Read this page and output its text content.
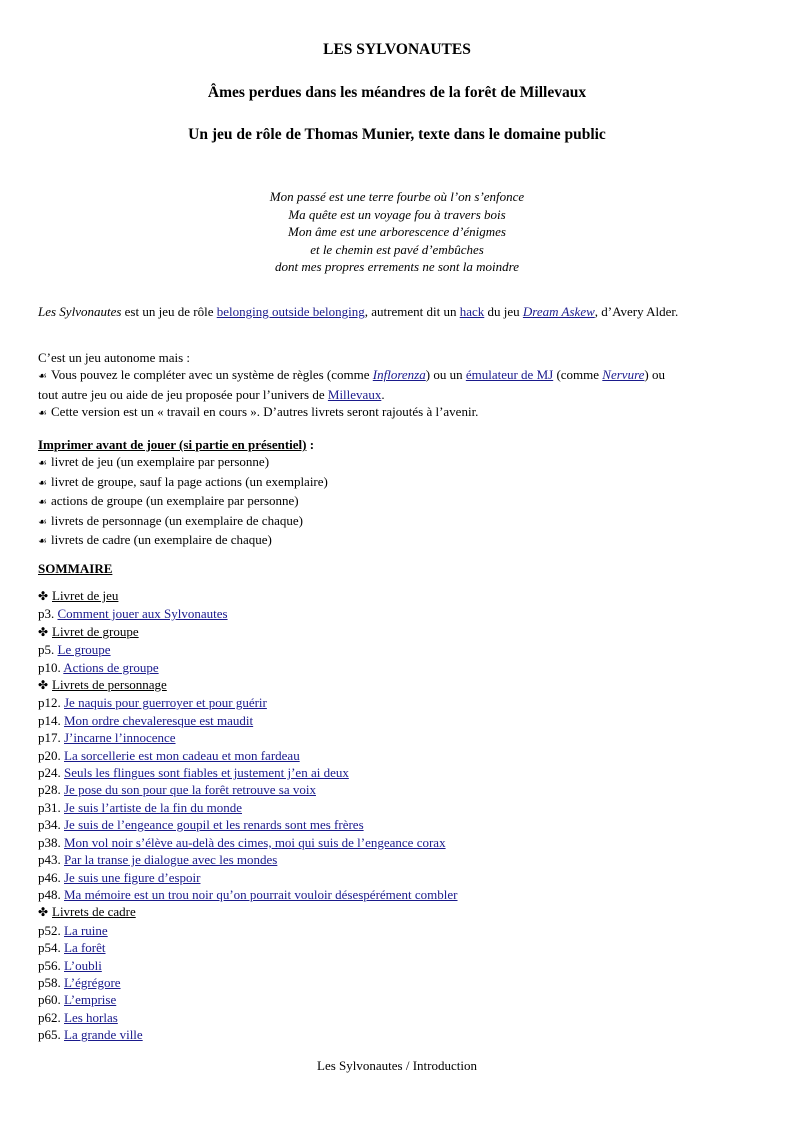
LES SYLVONAUTES
Âmes perdues dans les méandres de la forêt de Millevaux
Un jeu de rôle de Thomas Munier, texte dans le domaine public
Mon passé est une terre fourbe où l’on s’enfonce
Ma quête est un voyage fou à travers bois
Mon âme est une arborescence d’énigmes
et le chemin est pavé d’embûches
dont mes propres errements ne sont la moindre
Les Sylvonautes est un jeu de rôle belonging outside belonging, autrement dit un hack du jeu Dream Askew, d’Avery Alder.
C’est un jeu autonome mais :
☙ Vous pouvez le compléter avec un système de règles (comme Inflorenza) ou un émulateur de MJ (comme Nervure) ou
tout autre jeu ou aide de jeu proposée pour l’univers de Millevaux.
☙ Cette version est un « travail en cours ». D’autres livrets seront rajoutés à l’avenir.
Imprimer avant de jouer (si partie en présentiel) :
☙ livret de jeu (un exemplaire par personne)
☙ livret de groupe, sauf la page actions (un exemplaire)
☙ actions de groupe (un exemplaire par personne)
☙ livrets de personnage (un exemplaire de chaque)
☙ livrets de cadre (un exemplaire de chaque)
SOMMAIRE
✤ Livret de jeu
p3. Comment jouer aux Sylvonautes
✤ Livret de groupe
p5. Le groupe
p10. Actions de groupe
✤ Livrets de personnage
p12. Je naquis pour guerroyer et pour guérir
p14. Mon ordre chevaleresque est maudit
p17. J’incarne l’innocence
p20. La sorcellerie est mon cadeau et mon fardeau
p24. Seuls les flingues sont fiables et justement j’en ai deux
p28. Je pose du son pour que la forêt retrouve sa voix
p31. Je suis l’artiste de la fin du monde
p34. Je suis de l’engeance goupil et les renards sont mes frères
p38. Mon vol noir s’élève au-delà des cimes, moi qui suis de l’engeance corax
p43. Par la transe je dialogue avec les mondes
p46. Je suis une figure d’espoir
p48. Ma mémoire est un trou noir qu’on pourrait vouloir désespérément combler
✤ Livrets de cadre
p52. La ruine
p54. La forêt
p56. L’oubli
p58. L’égrégore
p60. L’emprise
p62. Les horlas
p65. La grande ville
Les Sylvonautes / Introduction
